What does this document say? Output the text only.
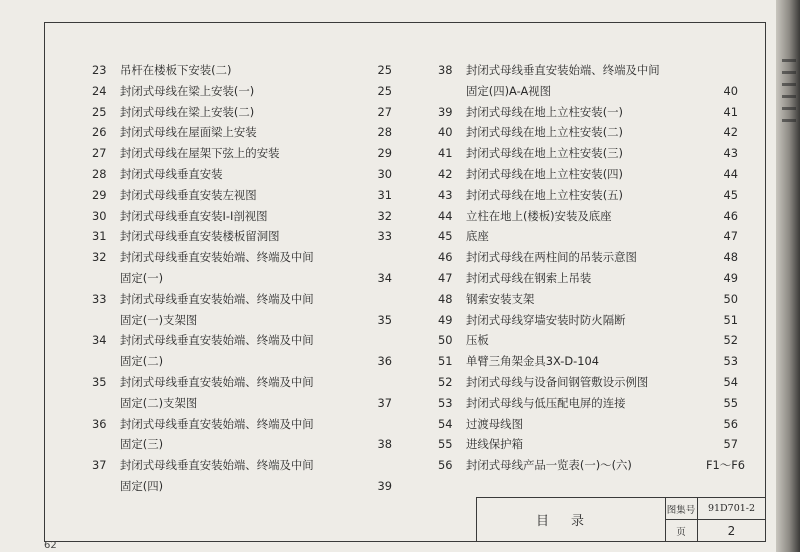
23	吊杆在楼板下安装(二)	25
24	封闭式母线在梁上安装(一)	25
25	封闭式母线在梁上安装(二)	27
26	封闭式母线在屋面梁上安装	28
27	封闭式母线在屋架下弦上的安装	29
28	封闭式母线垂直安装	30
29	封闭式母线垂直安装左视图	31
30	封闭式母线垂直安装I-I剖视图	32
31	封闭式母线垂直安装楼板留洞图	33
32	封闭式母线垂直安装始端、终端及中间
固定(一)	34
33	封闭式母线垂直安装始端、终端及中间
固定(一)支架图	35
34	封闭式母线垂直安装始端、终端及中间
固定(二)	36
35	封闭式母线垂直安装始端、终端及中间
固定(二)支架图	37
36	封闭式母线垂直安装始端、终端及中间
固定(三)	38
37	封闭式母线垂直安装始端、终端及中间
固定(四)	39
38	封闭式母线垂直安装始端、终端及中间
固定(四)A-A视图	40
39	封闭式母线在地上立柱安装(一)	41
40	封闭式母线在地上立柱安装(二)	42
41	封闭式母线在地上立柱安装(三)	43
42	封闭式母线在地上立柱安装(四)	44
43	封闭式母线在地上立柱安装(五)	45
44	立柱在地上(楼板)安装及底座	46
45	底座	47
46	封闭式母线在两柱间的吊装示意图	48
47	封闭式母线在钢索上吊装	49
48	钢索安装支架	50
49	封闭式母线穿墙安装时防火隔断	51
50	压板	52
51	单臂三角架金具3X-D-104	53
52	封闭式母线与设备间钢管敷设示例图	54
53	封闭式母线与低压配电屏的连接	55
54	过渡母线图	56
55	进线保护箱	57
56	封闭式母线产品一览表(一)～(六)	F1～F6
目录
图集号	91D701-2
页	2
62
